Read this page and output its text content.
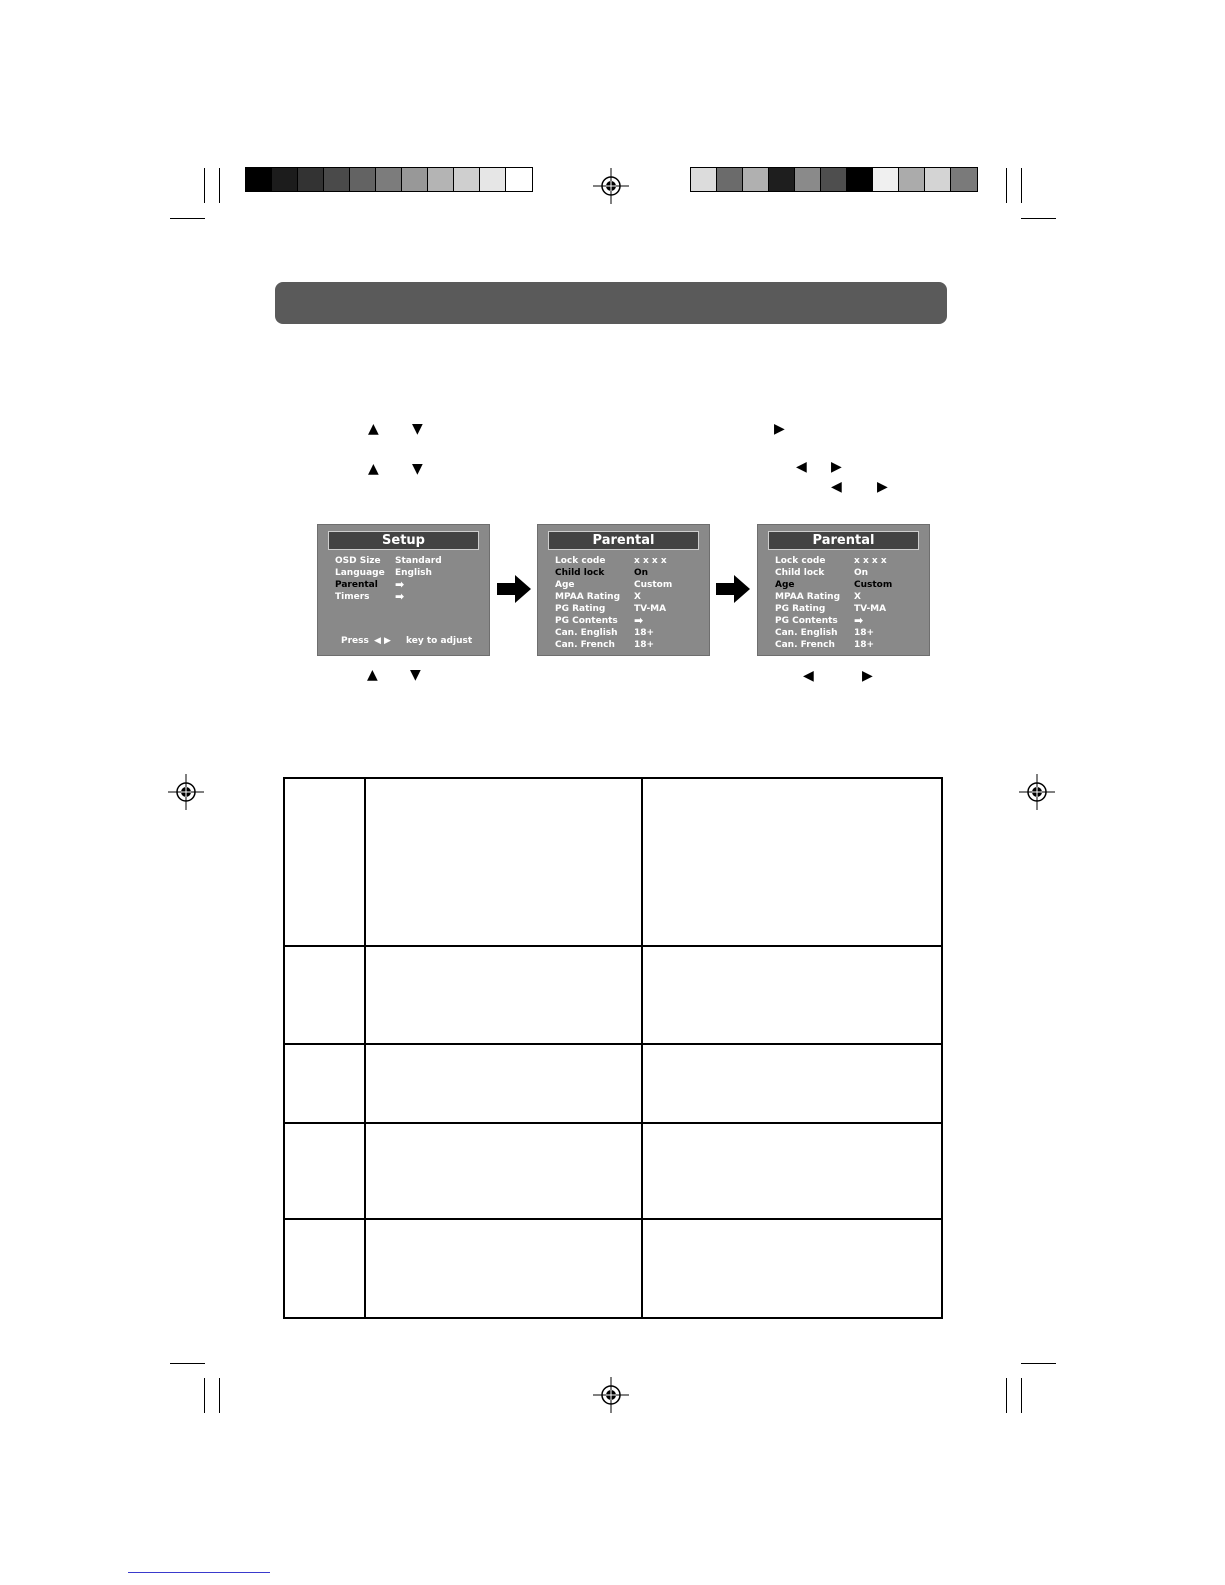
▲ ▼	▶
▲ ▼	◀ ▶
◀	▶
Setup
OSD Size Standard
Language English
Parental ➡
Timers ➡
Press ◀ ▶ key to adjust
Parental
Lock code	x x x x
Child lock	On
Age	Custom
MPAA Rating X
PG Rating	TV-MA
PG Contents ➡
Can. English 18+
Can. French 18+
Parental
Lock code	x x x x
Child lock	On
Age	Custom
MPAA Rating X
PG Rating	TV-MA
PG Contents ➡
Can. English 18+
Can. French 18+
▲ ▼	◀	▶
